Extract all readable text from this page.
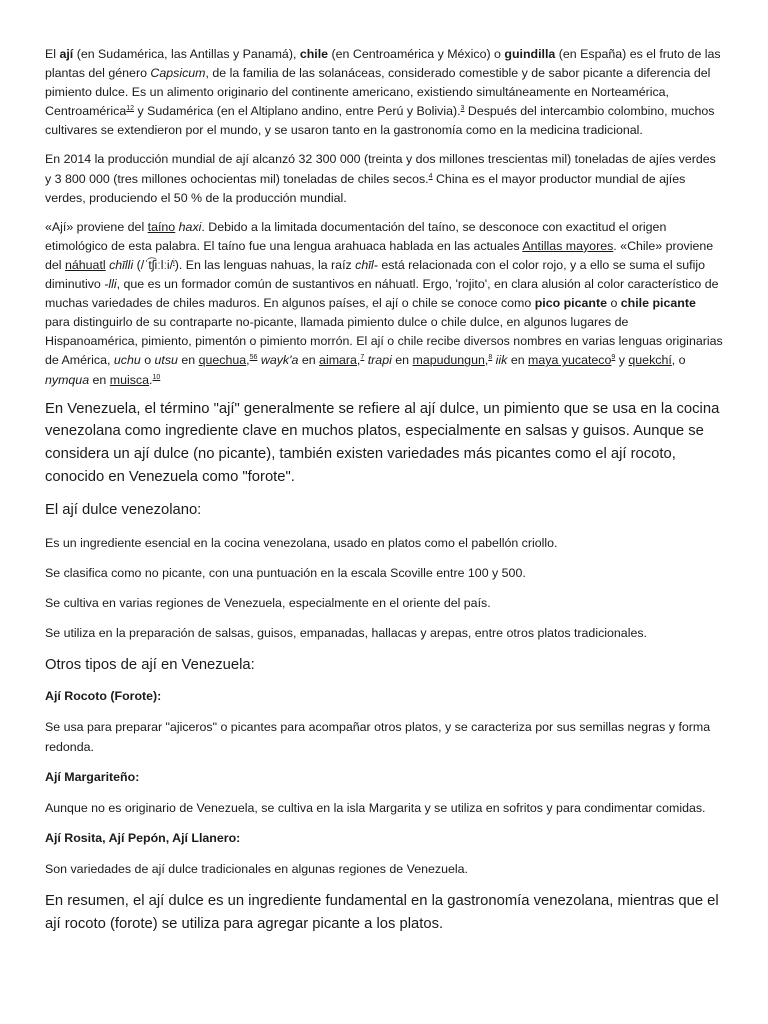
El ají (en Sudamérica, las Antillas y Panamá), chile (en Centroamérica y México) o guindilla (en España) es el fruto de las plantas del género Capsicum, de la familia de las solanáceas, considerado comestible y de sabor picante a diferencia del pimiento dulce. Es un alimento originario del continente americano, existiendo simultáneamente en Norteamérica, Centroamérica$^{12}$ y Sudamérica (en el Altiplano andino, entre Perú y Bolivia).$^3$ Después del intercambio colombino, muchos cultivares se extendieron por el mundo, y se usaron tanto en la gastronomía como en la medicina tradicional.

En 2014 la producción mundial de ají alcanzó 32 300 000 (treinta y dos millones trescientas mil) toneladas de ajíes verdes y 3 800 000 (tres millones ochocientas mil) toneladas de chiles secos.$^4$ China es el mayor productor mundial de ajíes verdes, produciendo el 50 % de la producción mundial.

«Ají» proviene del taíno haxi. Debido a la limitada documentación del taíno, se desconoce con exactitud el origen etimológico de esta palabra. El taíno fue una lengua arahuaca hablada en las actuales Antillas mayores. «Chile» proviene del náhuatl chīlli (/ˈt͡ʃiːlːi/$^i$). En las lenguas nahuas, la raíz chīl- está relacionada con el color rojo, y a ello se suma el sufijo diminutivo -lli, que es un formador común de sustantivos en náhuatl. Ergo, 'rojito', en clara alusión al color característico de muchas variedades de chiles maduros. En algunos países, el ají o chile se conoce como pico picante o chile picante para distinguirlo de su contraparte no-picante, llamada pimiento dulce o chile dulce, en algunos lugares de Hispanoamérica, pimiento, pimentón o pimiento morrón. El ají o chile recibe diversos nombres en varias lenguas originarias de América, uchu o utsu en quechua,$^{56}$ wayk'a en aimara,$^7$ trapi en mapudungun,$^8$ iik en maya yucateco$^9$ y quekchí, o nymqua en muisca.$^{10}$

En Venezuela, el término "ají" generalmente se refiere al ají dulce, un pimiento que se usa en la cocina venezolana como ingrediente clave en muchos platos, especialmente en salsas y guisos. Aunque se considera un ají dulce (no picante), también existen variedades más picantes como el ají rocoto, conocido en Venezuela como "forote".

El ají dulce venezolano:

Es un ingrediente esencial en la cocina venezolana, usado en platos como el pabellón criollo.

Se clasifica como no picante, con una puntuación en la escala Scoville entre 100 y 500.

Se cultiva en varias regiones de Venezuela, especialmente en el oriente del país.

Se utiliza en la preparación de salsas, guisos, empanadas, hallacas y arepas, entre otros platos tradicionales.

Otros tipos de ají en Venezuela:

Ají Rocoto (Forote):

Se usa para preparar "ajiceros" o picantes para acompañar otros platos, y se caracteriza por sus semillas negras y forma redonda.

Ají Margariteño:

Aunque no es originario de Venezuela, se cultiva en la isla Margarita y se utiliza en sofritos y para condimentar comidas.

Ají Rosita, Ají Pepón, Ají Llanero:

Son variedades de ají dulce tradicionales en algunas regiones de Venezuela.

En resumen, el ají dulce es un ingrediente fundamental en la gastronomía venezolana, mientras que el ají rocoto (forote) se utiliza para agregar picante a los platos.
